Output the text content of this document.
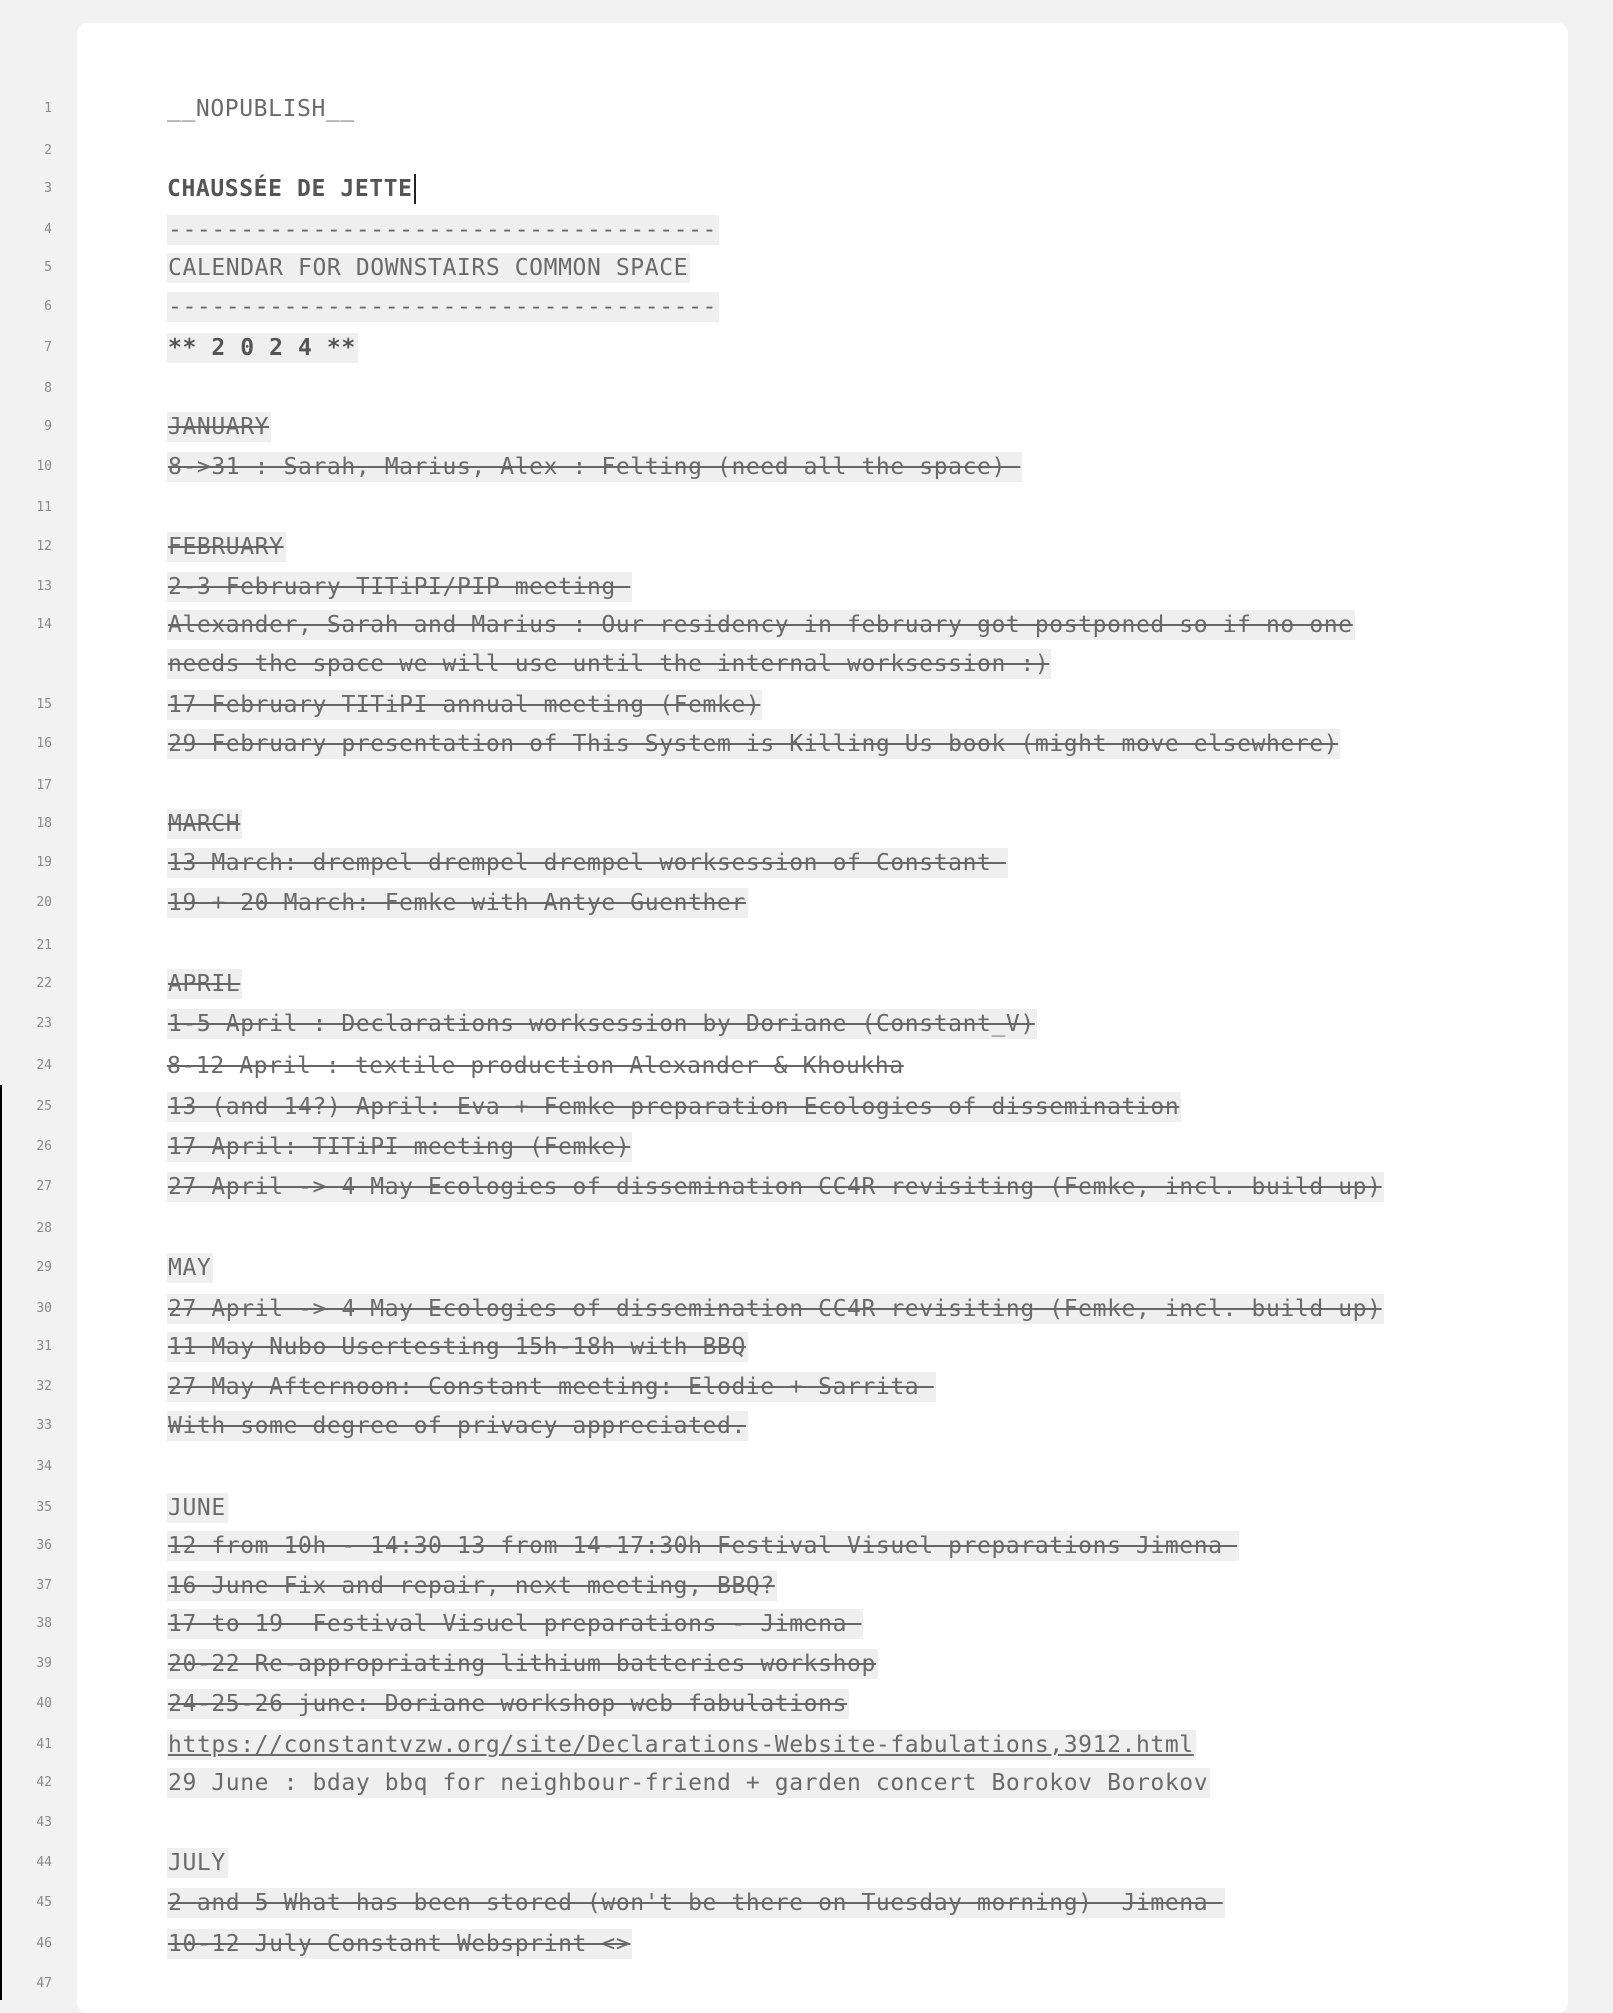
1	__NOPUBLISH__
2
3	CHAUSSÉE DE JETTE
4	--------------------------------------
5	CALENDAR FOR DOWNSTAIRS COMMON SPACE
6	--------------------------------------
7	** 2 0 2 4 **
8
9	JANUARY
10	8->31 : Sarah, Marius, Alex : Felting (need all the space)
11
12	FEBRUARY
13	2-3 February TITiPI/PIP meeting
14	Alexander, Sarah and Marius : Our residency in february got postponed so if no one
needs the space we will use until the internal worksession :)
15	17 February TITiPI annual meeting (Femke)
16	29 February presentation of This System is Killing Us book (might move elsewhere)
17
18	MARCH
19	13 March: drempel drempel drempel worksession of Constant
20	19 + 20 March: Femke with Antye Guenther
21
22	APRIL
23	1-5 April : Declarations worksession by Doriane (Constant_V)
24	8-12 April : textile production Alexander & Khoukha
25	13 (and 14?) April: Eva + Femke preparation Ecologies of dissemination
26	17 April: TITiPI meeting (Femke)
27	27 April -> 4 May Ecologies of dissemination CC4R revisiting (Femke, incl. build up)
28
29	MAY
30	27 April -> 4 May Ecologies of dissemination CC4R revisiting (Femke, incl. build up)
31	11 May Nubo Usertesting 15h-18h with BBQ
32	27 May Afternoon: Constant meeting: Elodie + Sarrita
33	With some degree of privacy appreciated.
34
35	JUNE
36	12 from 10h - 14:30 13 from 14-17:30h Festival Visuel preparations Jimena
37	16 June Fix and repair, next meeting, BBQ?
38	17 to 19  Festival Visuel preparations - Jimena
39	20-22 Re-appropriating lithium batteries workshop
40	24-25-26 june: Doriane workshop web fabulations
41	https://constantvzw.org/site/Declarations-Website-fabulations,3912.html
42	29 June : bday bbq for neighbour-friend + garden concert Borokov Borokov
43
44	JULY
45	2 and 5 What has been stored (won't be there on Tuesday morning)  Jimena
46	10-12 July Constant Websprint <>
47
